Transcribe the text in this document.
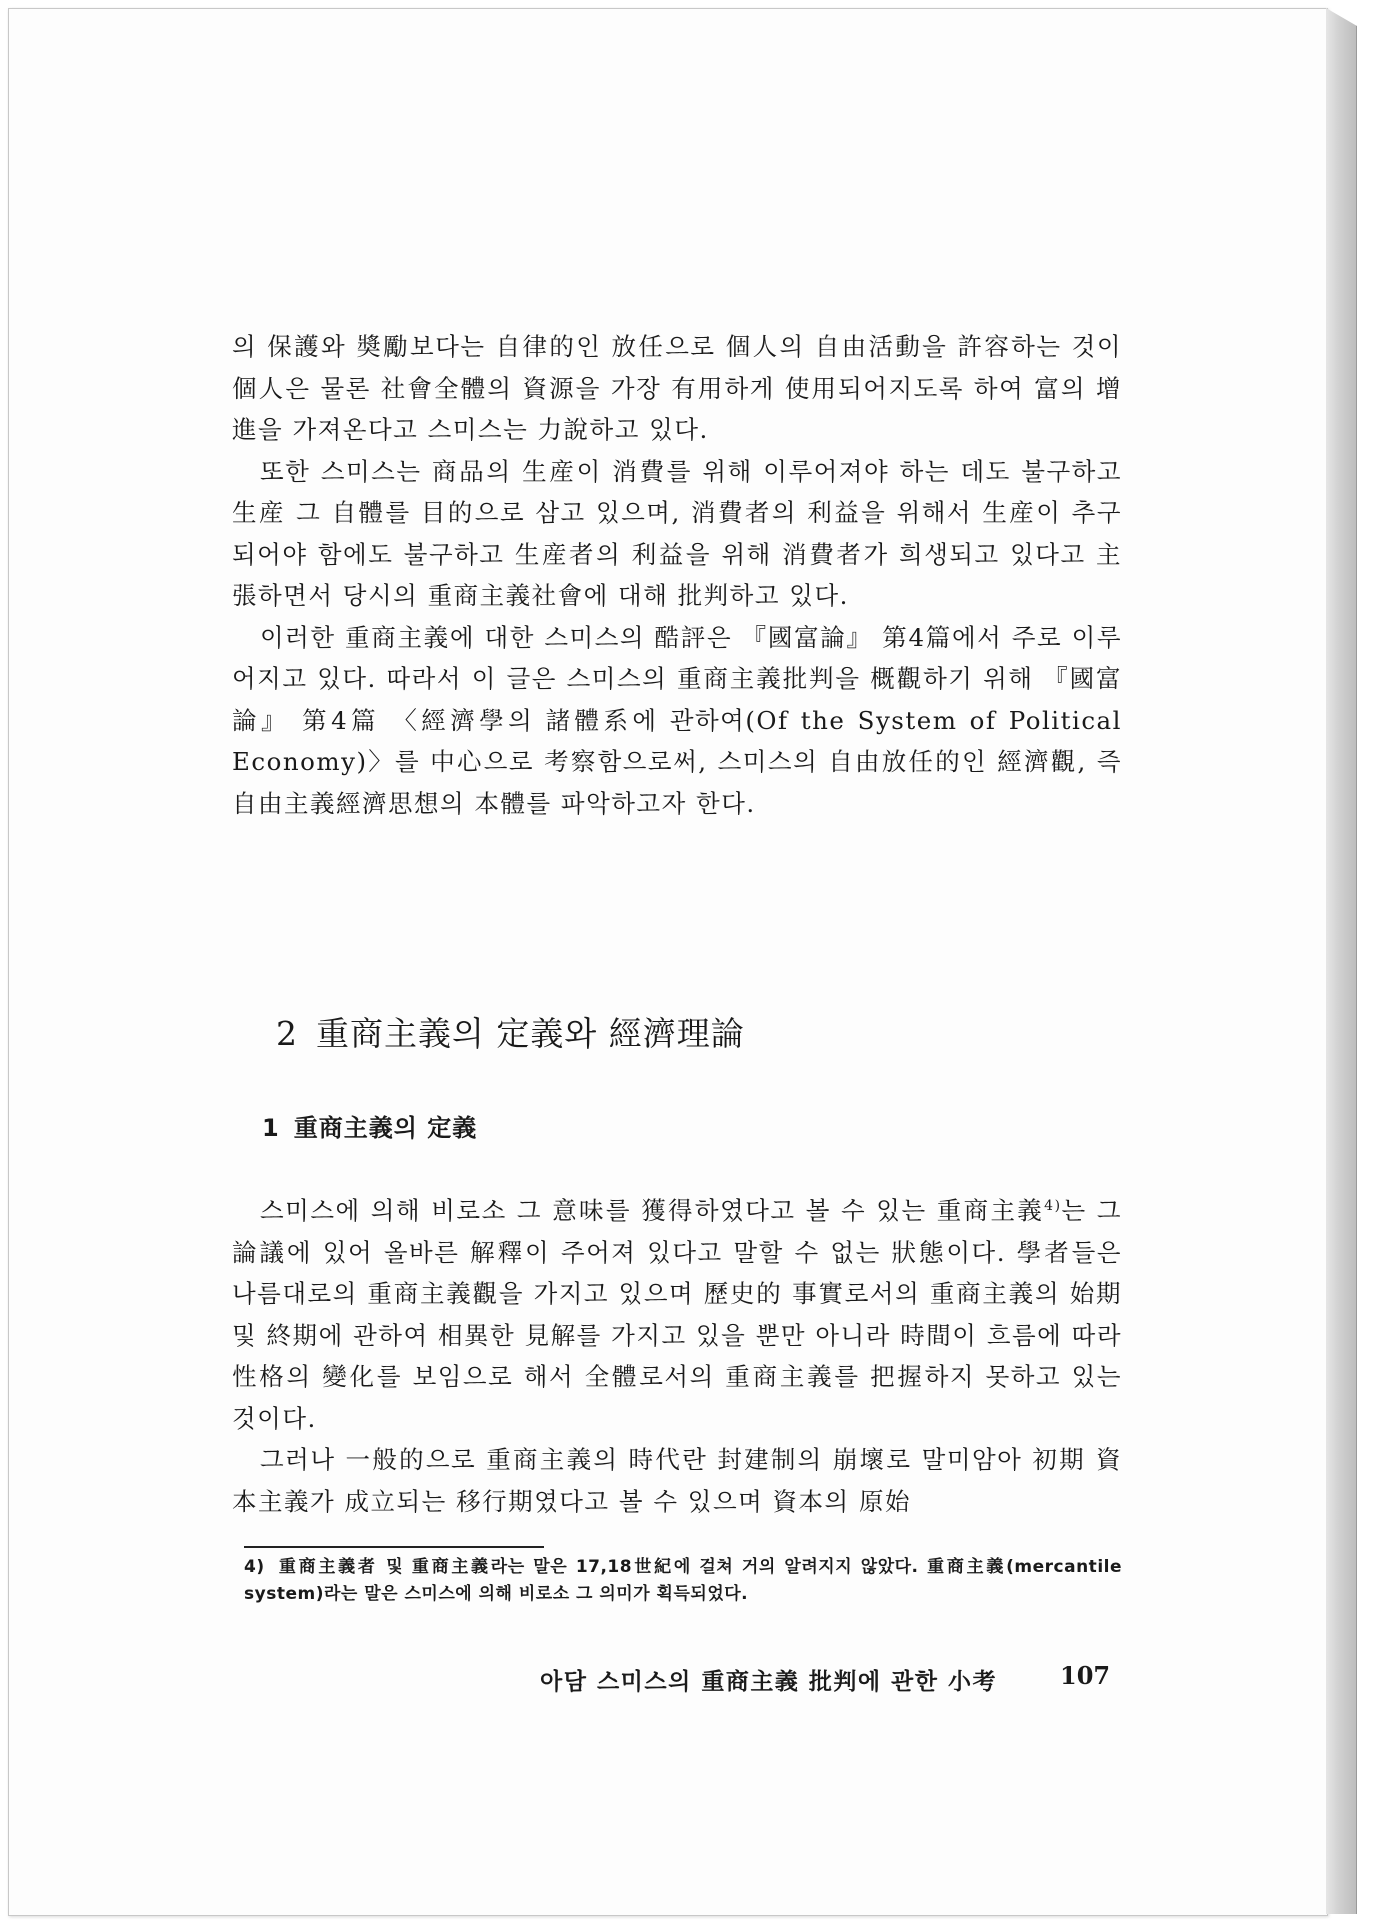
의 保護와 奬勵보다는 自律的인 放任으로 個人의 自由活動을 許容하는 것이 個人은 물론 社會全體의 資源을 가장 有用하게 使用되어지도록 하여 富의 增進을 가져온다고 스미스는 力說하고 있다.

또한 스미스는 商品의 生産이 消費를 위해 이루어져야 하는 데도 불구하고 生産 그 自體를 目的으로 삼고 있으며, 消費者의 利益을 위해서 生産이 추구되어야 함에도 불구하고 生産者의 利益을 위해 消費者가 희생되고 있다고 主張하면서 당시의 重商主義社會에 대해 批判하고 있다.

이러한 重商主義에 대한 스미스의 酷評은 『國富論』 第4篇에서 주로 이루어지고 있다. 따라서 이 글은 스미스의 重商主義批判을 概觀하기 위해 『國富論』 第4篇 〈經濟學의 諸體系에 관하여(Of the System of Political Economy)〉를 中心으로 考察함으로써, 스미스의 自由放任的인 經濟觀, 즉 自由主義經濟思想의 本體를 파악하고자 한다.

2 重商主義의 定義와 經濟理論
1 重商主義의 定義

스미스에 의해 비로소 그 意味를 獲得하였다고 볼 수 있는 重商主義$^{4)}$는 그 論議에 있어 올바른 解釋이 주어져 있다고 말할 수 없는 狀態이다. 學者들은 나름대로의 重商主義觀을 가지고 있으며 歷史的 事實로서의 重商主義의 始期 및 終期에 관하여 相異한 見解를 가지고 있을 뿐만 아니라 時間이 흐름에 따라 性格의 變化를 보임으로 해서 全體로서의 重商主義를 把握하지 못하고 있는 것이다.

그러나 一般的으로 重商主義의 時代란 封建制의 崩壞로 말미암아 初期 資本主義가 成立되는 移行期였다고 볼 수 있으며 資本의 原始

4) 重商主義者 및 重商主義라는 말은 17,18世紀에 걸쳐 거의 알려지지 않았다. 重商主義(mercantile system)라는 말은 스미스에 의해 비로소 그 의미가 획득되었다.

아담 스미스의 重商主義 批判에 관한 小考	107
